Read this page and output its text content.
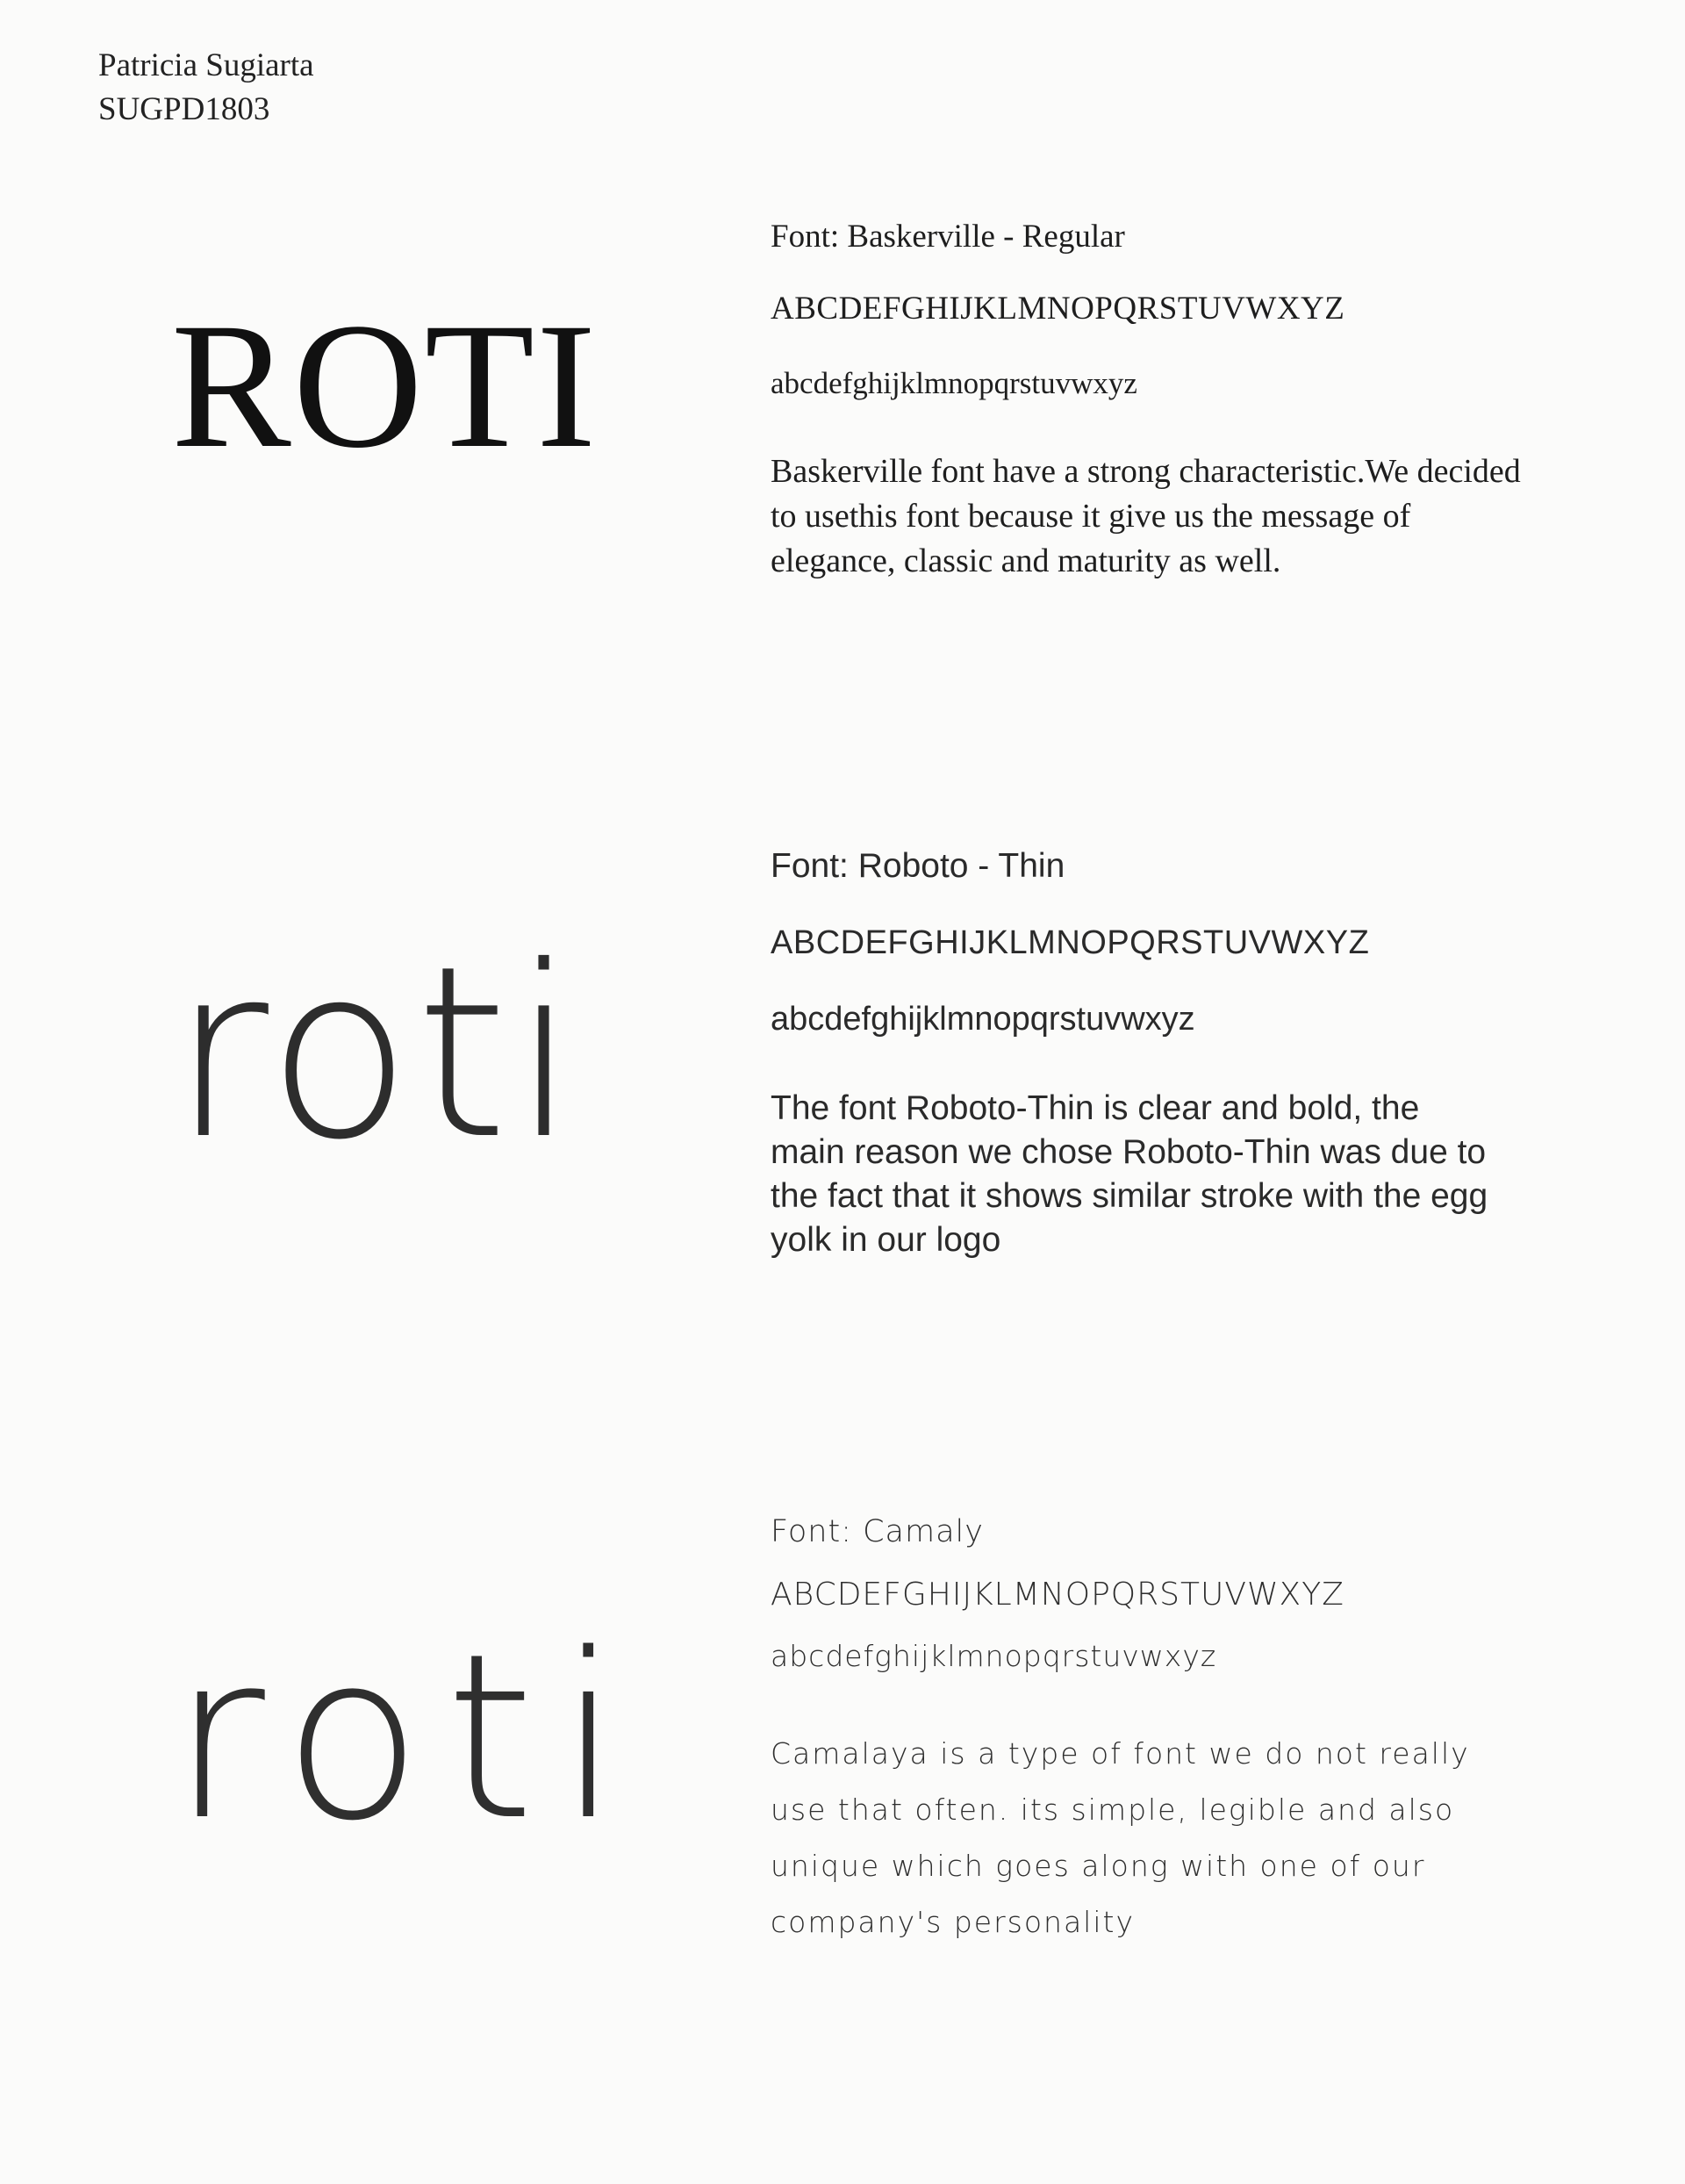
Patricia Sugiarta
SUGPD1803
ROTI

Font: Baskerville - Regular

ABCDEFGHIJKLMNOPQRSTUVWXYZ

abcdefghijklmnopqrstuvwxyz

Baskerville font have a strong characteristic.We decided to usethis font because it give us the message of elegance, classic and maturity as well.

roti

Font: Roboto - Thin

ABCDEFGHIJKLMNOPQRSTUVWXYZ

abcdefghijklmnopqrstuvwxyz

The font Roboto-Thin is clear and bold, the main reason we chose Roboto-Thin was due to the fact that it shows similar stroke with the egg yolk in our logo

roti

Font: Camaly

ABCDEFGHIJKLMNOPQRSTUVWXYZ

abcdefghijklmnopqrstuvwxyz

Camalaya is a type of font we do not really use that often. its simple, legible and also unique which goes along with one of our company's personality
